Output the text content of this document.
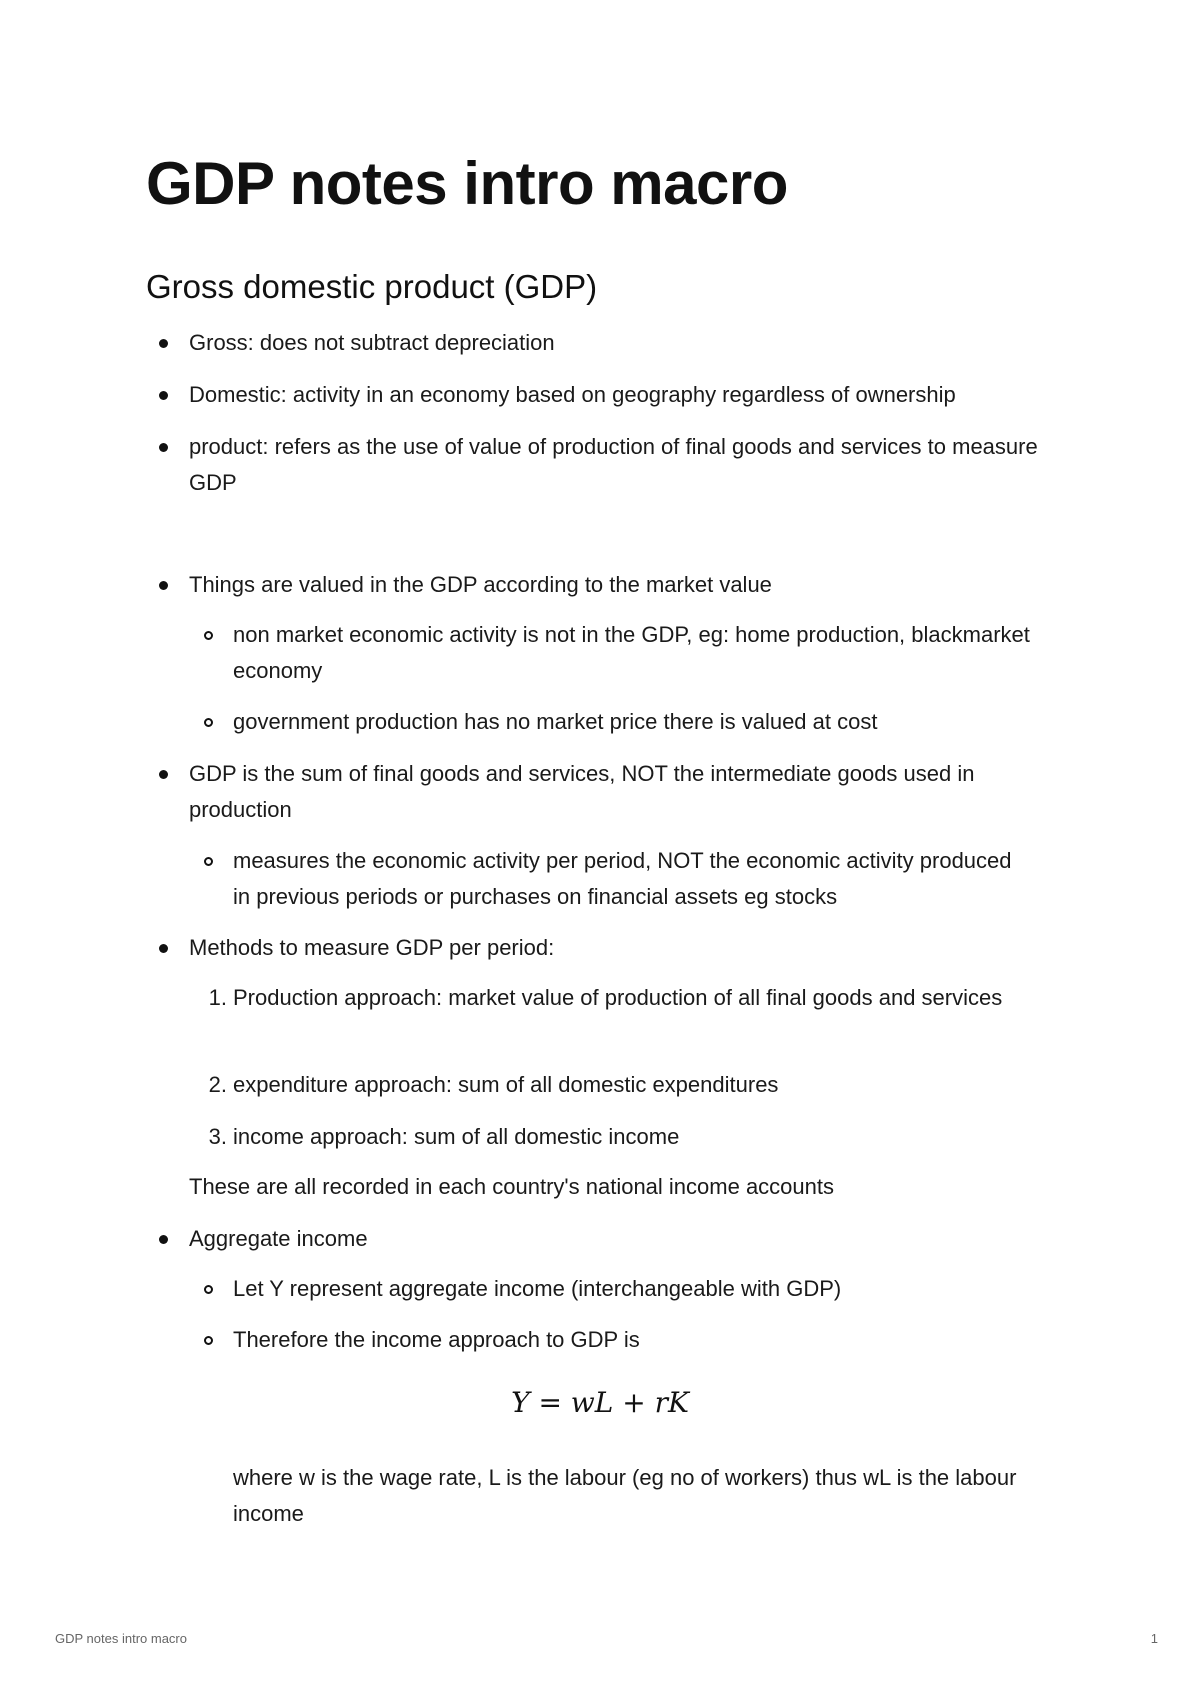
GDP notes intro macro
Gross domestic product (GDP)
Gross: does not subtract depreciation
Domestic: activity in an economy based on geography regardless of ownership
product: refers as the use of value of production of final goods and services to measure GDP
Things are valued in the GDP according to the market value
non market economic activity is not in the GDP, eg: home production, blackmarket economy
government production has no market price there is valued at cost
GDP is the sum of final goods and services, NOT the intermediate goods used in production
measures the economic activity per period, NOT the economic activity produced in previous periods or purchases on financial assets eg stocks
Methods to measure GDP per period:
1. Production approach: market value of production of all final goods and services
2. expenditure approach: sum of all domestic expenditures
3. income approach: sum of all domestic income
These are all recorded in each country's national income accounts
Aggregate income
Let Y represent aggregate income (interchangeable with GDP)
Therefore the income approach to GDP is
Y = wL + rK
where w is the wage rate, L is the labour (eg no of workers) thus wL is the labour income
GDP notes intro macro	1
